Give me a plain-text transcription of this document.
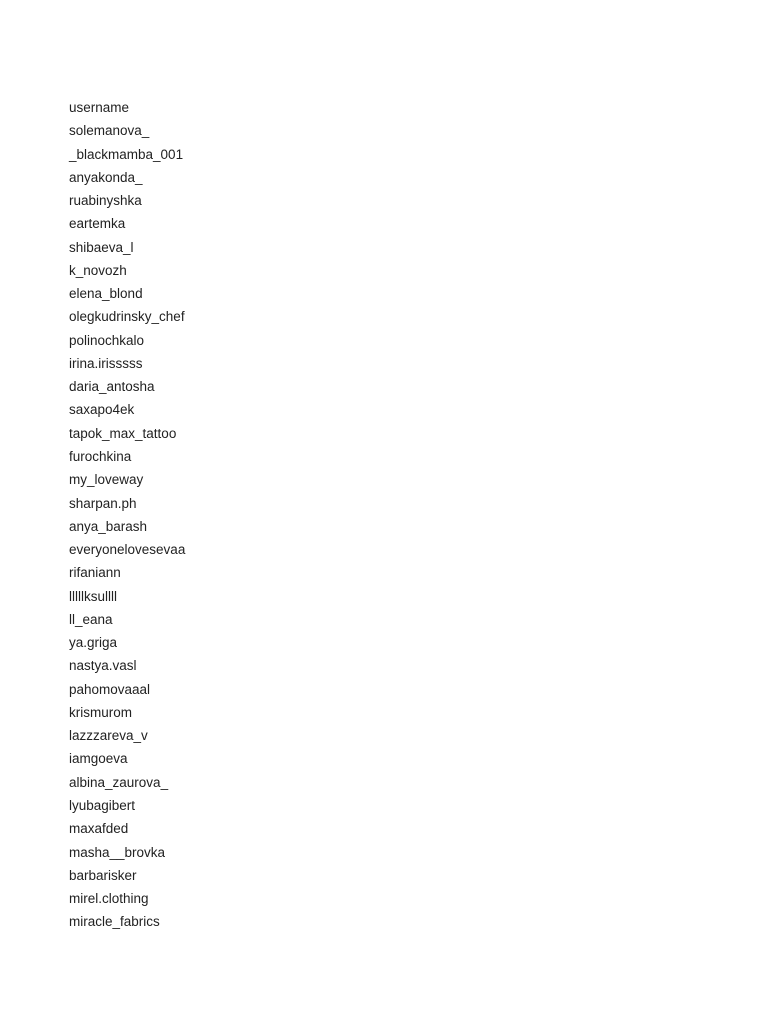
username
solemanova_
_blackmamba_001
anyakonda_
ruabinyshka
eartemka
shibaeva_l
k_novozh
elena_blond
olegkudrinsky_chef
polinochkalo
irina.irisssss
daria_antosha
saxapo4ek
tapok_max_tattoo
furochkina
my_loveway
sharpan.ph
anya_barash
everyonelovesevaa
rifaniann
lllllksullll
ll_eana
ya.griga
nastya.vasl
pahomovaaal
krismurom
lazzzareva_v
iamgoeva
albina_zaurova_
lyubagibert
maxafded
masha__brovka
barbarisker
mirel.clothing
miracle_fabrics
